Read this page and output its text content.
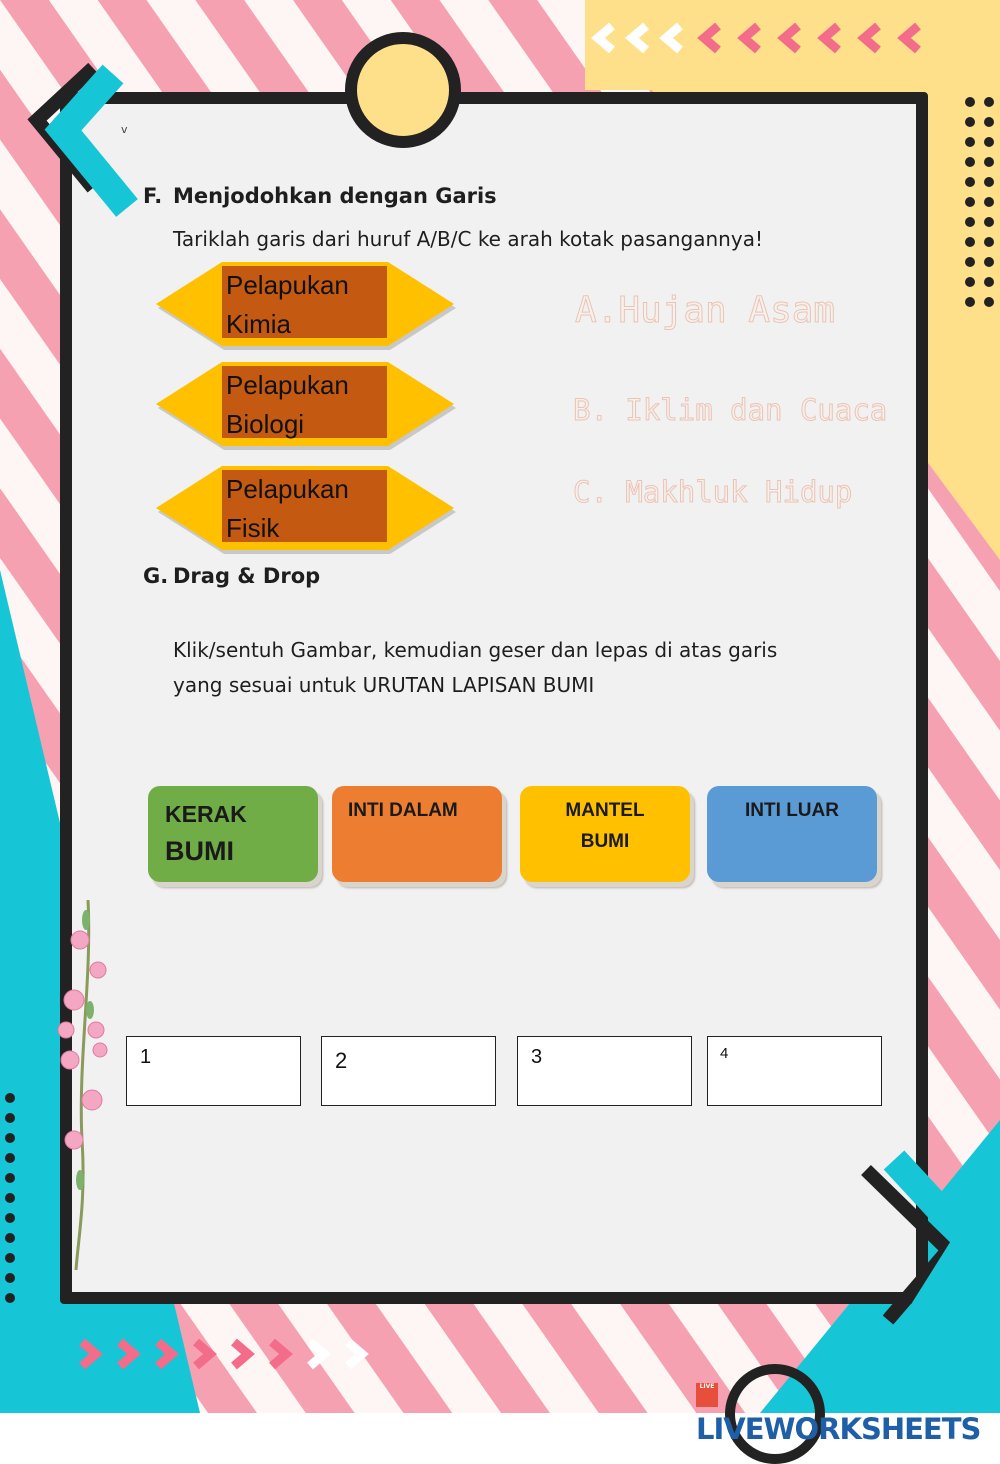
v
F. Menjodohkan dengan Garis
Tariklah garis dari huruf A/B/C ke arah kotak pasangannya!
Pelapukan
Kimia
Pelapukan
Biologi
Pelapukan
Fisik
A.Hujan Asam
B. Iklim dan Cuaca
C. Makhluk Hidup
G. Drag & Drop
Klik/sentuh Gambar, kemudian geser dan lepas di atas garis
yang sesuai untuk URUTAN LAPISAN BUMI
KERAK
BUMI
INTI DALAM	MANTEL
BUMI
INTI LUAR
1	2	3	4
LIVELIVEWORKSHEETS
